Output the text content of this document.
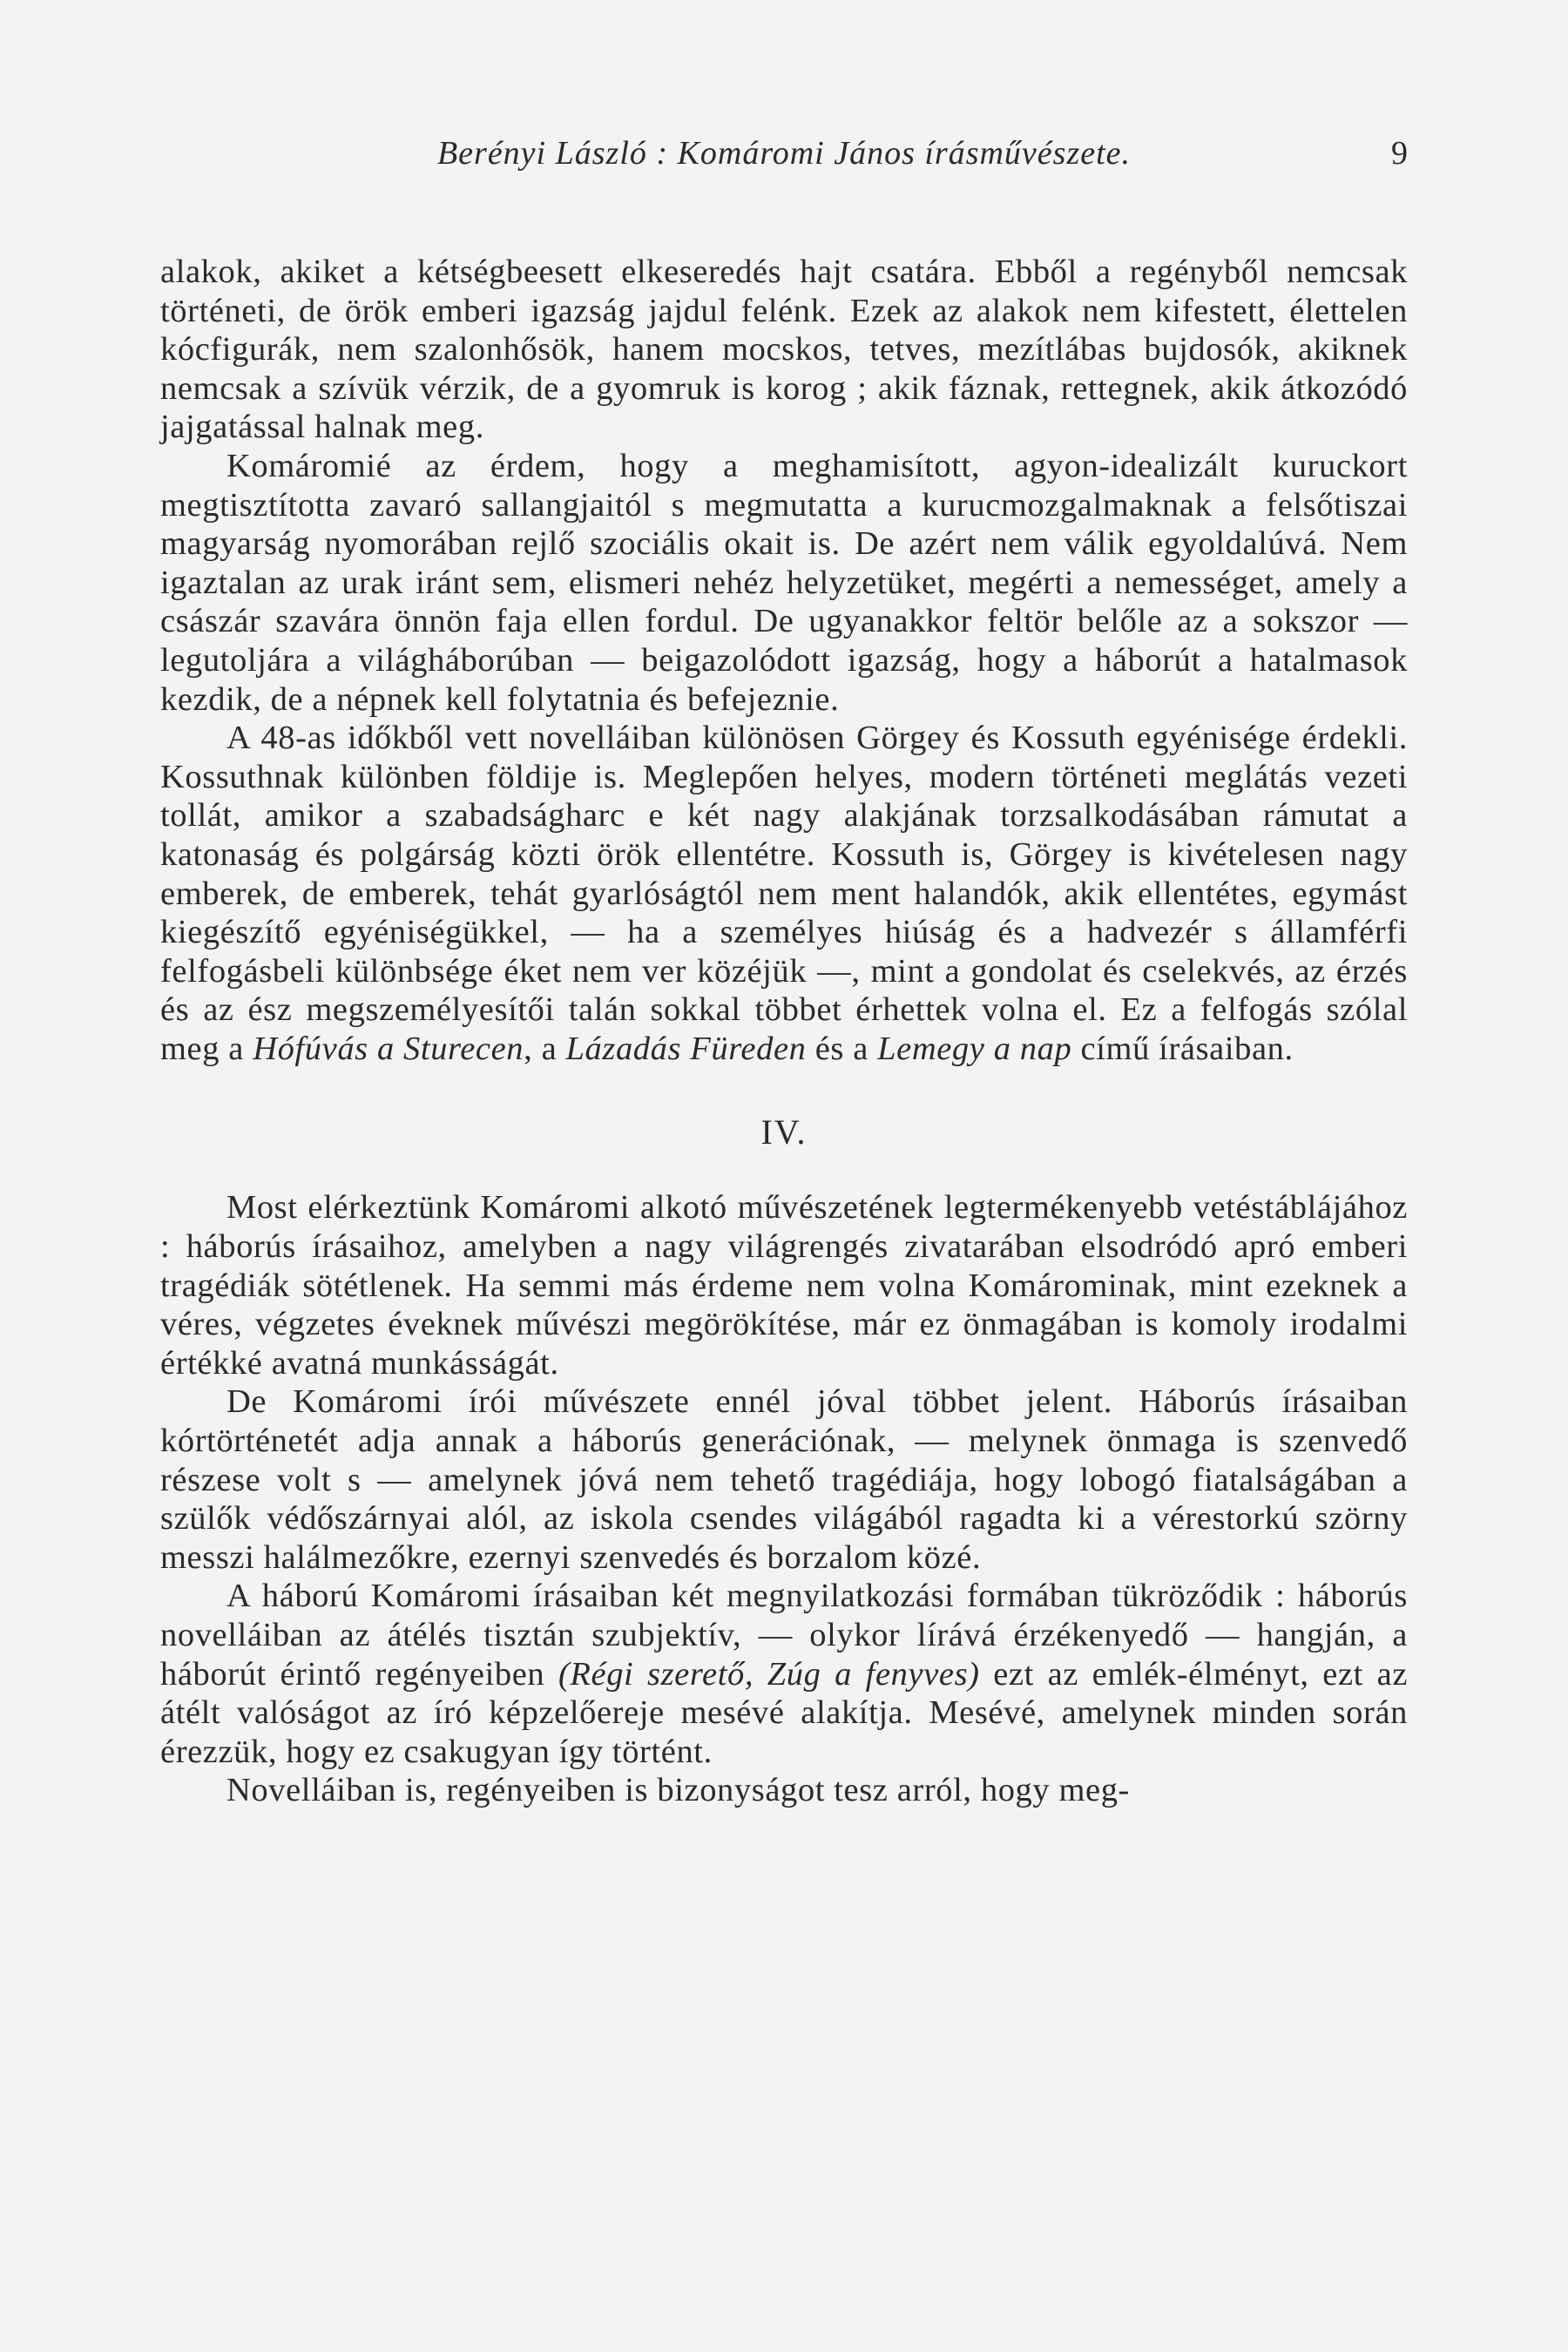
Berényi László : Komáromi János írásművészete.	9

alakok, akiket a kétségbeesett elkeseredés hajt csatára. Ebből a regényből nemcsak történeti, de örök emberi igazság jajdul felénk. Ezek az alakok nem kifestett, élettelen kócfigurák, nem szalonhősök, hanem mocskos, tetves, mezítlábas bujdosók, akiknek nemcsak a szívük vérzik, de a gyomruk is korog ; akik fáznak, rettegnek, akik átkozódó jajgatással halnak meg.

Komáromié az érdem, hogy a meghamisított, agyon-idealizált kuruckort megtisztította zavaró sallangjaitól s megmutatta a kurucmozgalmaknak a felsőtiszai magyarság nyomorában rejlő szociális okait is. De azért nem válik egyoldalúvá. Nem igaztalan az urak iránt sem, elismeri nehéz helyzetüket, megérti a nemességet, amely a császár szavára önnön faja ellen fordul. De ugyanakkor feltör belőle az a sokszor — legutoljára a világháborúban — beigazolódott igazság, hogy a háborút a hatalmasok kezdik, de a népnek kell folytatnia és befejeznie.

A 48-as időkből vett novelláiban különösen Görgey és Kossuth egyénisége érdekli. Kossuthnak különben földije is. Meglepően helyes, modern történeti meglátás vezeti tollát, amikor a szabadságharc e két nagy alakjának torzsalkodásában rámutat a katonaság és polgárság közti örök ellentétre. Kossuth is, Görgey is kivételesen nagy emberek, de emberek, tehát gyarlóságtól nem ment halandók, akik ellentétes, egymást kiegészítő egyéniségükkel, — ha a személyes hiúság és a hadvezér s államférfi felfogásbeli különbsége éket nem ver közéjük —, mint a gondolat és cselekvés, az érzés és az ész megszemélyesítői talán sokkal többet érhettek volna el. Ez a felfogás szólal meg a Hófúvás a Sturecen, a Lázadás Füreden és a Lemegy a nap című írásaiban.

IV.

Most elérkeztünk Komáromi alkotó művészetének legtermékenyebb vetéstáblájához : háborús írásaihoz, amelyben a nagy világrengés zivatarában elsodródó apró emberi tragédiák sötétlenek. Ha semmi más érdeme nem volna Komárominak, mint ezeknek a véres, végzetes éveknek művészi megörökítése, már ez önmagában is komoly irodalmi értékké avatná munkásságát.

De Komáromi írói művészete ennél jóval többet jelent. Háborús írásaiban kórtörténetét adja annak a háborús generációnak, — melynek önmaga is szenvedő részese volt s — amelynek jóvá nem tehető tragédiája, hogy lobogó fiatalságában a szülők védőszárnyai alól, az iskola csendes világából ragadta ki a vérestorkú szörny messzi halálmezőkre, ezernyi szenvedés és borzalom közé.

A háború Komáromi írásaiban két megnyilatkozási formában tükröződik : háborús novelláiban az átélés tisztán szubjektív, — olykor lírává érzékenyedő — hangján, a háborút érintő regényeiben (Régi szerető, Zúg a fenyves) ezt az emlék-élményt, ezt az átélt valóságot az író képzelőereje mesévé alakítja. Mesévé, amelynek minden során érezzük, hogy ez csakugyan így történt.

Novelláiban is, regényeiben is bizonyságot tesz arról, hogy meg-
